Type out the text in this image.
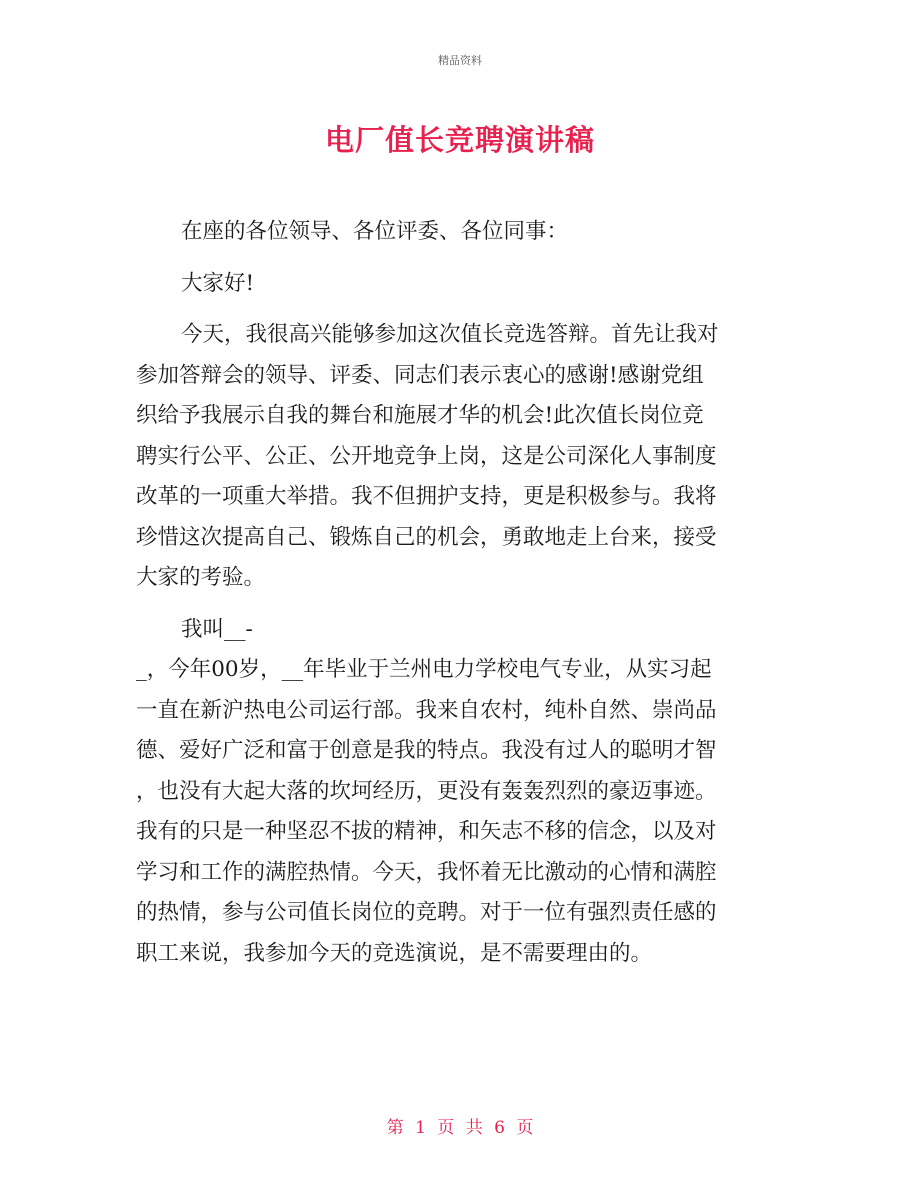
精品资料
电厂值长竞聘演讲稿
在座的各位领导、各位评委、各位同事：
大家好!
今天，我很高兴能够参加这次值长竞选答辩。首先让我对
参加答辩会的领导、评委、同志们表示衷心的感谢!感谢党组
织给予我展示自我的舞台和施展才华的机会!此次值长岗位竞
聘实行公平、公正、公开地竞争上岗，这是公司深化人事制度
改革的一项重大举措。我不但拥护支持，更是积极参与。我将
珍惜这次提高自己、锻炼自己的机会，勇敢地走上台来，接受
大家的考验。
我叫__-
_，今年00岁，__年毕业于兰州电力学校电气专业，从实习起
一直在新沪热电公司运行部。我来自农村，纯朴自然、崇尚品
德、爱好广泛和富于创意是我的特点。我没有过人的聪明才智
，也没有大起大落的坎坷经历，更没有轰轰烈烈的豪迈事迹。
我有的只是一种坚忍不拔的精神，和矢志不移的信念，以及对
学习和工作的满腔热情。今天，我怀着无比激动的心情和满腔
的热情，参与公司值长岗位的竞聘。对于一位有强烈责任感的
职工来说，我参加今天的竞选演说，是不需要理由的。
第 1 页 共 6 页
